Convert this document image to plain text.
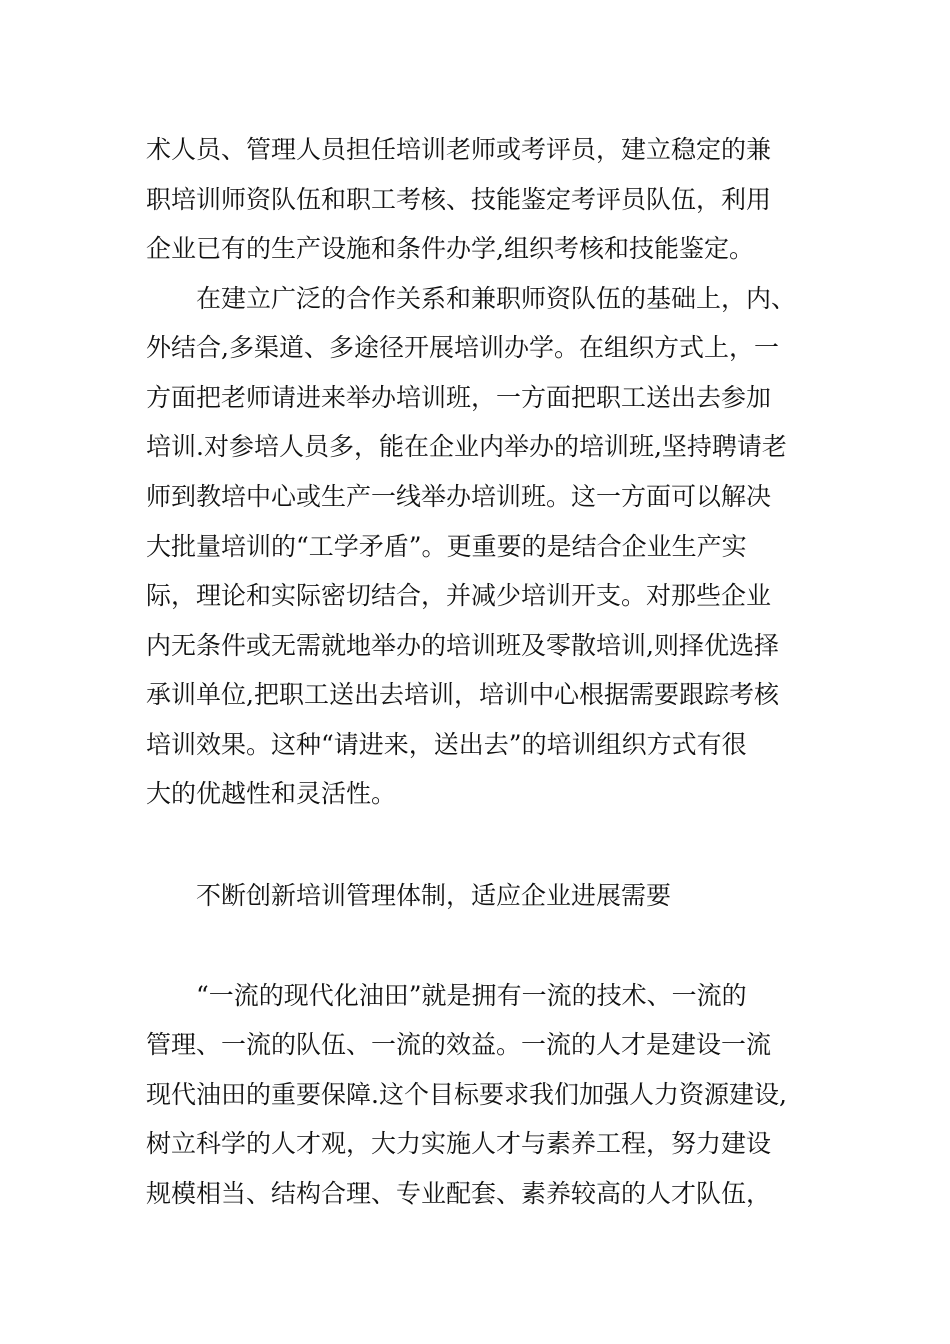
术人员、管理人员担任培训老师或考评员，建立稳定的兼
职培训师资队伍和职工考核、技能鉴定考评员队伍，利用
企业已有的生产设施和条件办学,组织考核和技能鉴定。
在建立广泛的合作关系和兼职师资队伍的基础上，内、
外结合,多渠道、多途径开展培训办学。在组织方式上，一
方面把老师请进来举办培训班，一方面把职工送出去参加
培训.对参培人员多，能在企业内举办的培训班,坚持聘请老
师到教培中心或生产一线举办培训班。这一方面可以解决
大批量培训的“工学矛盾”。更重要的是结合企业生产实
际，理论和实际密切结合，并减少培训开支。对那些企业
内无条件或无需就地举办的培训班及零散培训,则择优选择
承训单位,把职工送出去培训，培训中心根据需要跟踪考核
培训效果。这种“请进来，送出去”的培训组织方式有很
大的优越性和灵活性。
不断创新培训管理体制，适应企业进展需要
“一流的现代化油田”就是拥有一流的技术、一流的
管理、一流的队伍、一流的效益。一流的人才是建设一流
现代油田的重要保障.这个目标要求我们加强人力资源建设,
树立科学的人才观，大力实施人才与素养工程，努力建设
规模相当、结构合理、专业配套、素养较高的人才队伍，
